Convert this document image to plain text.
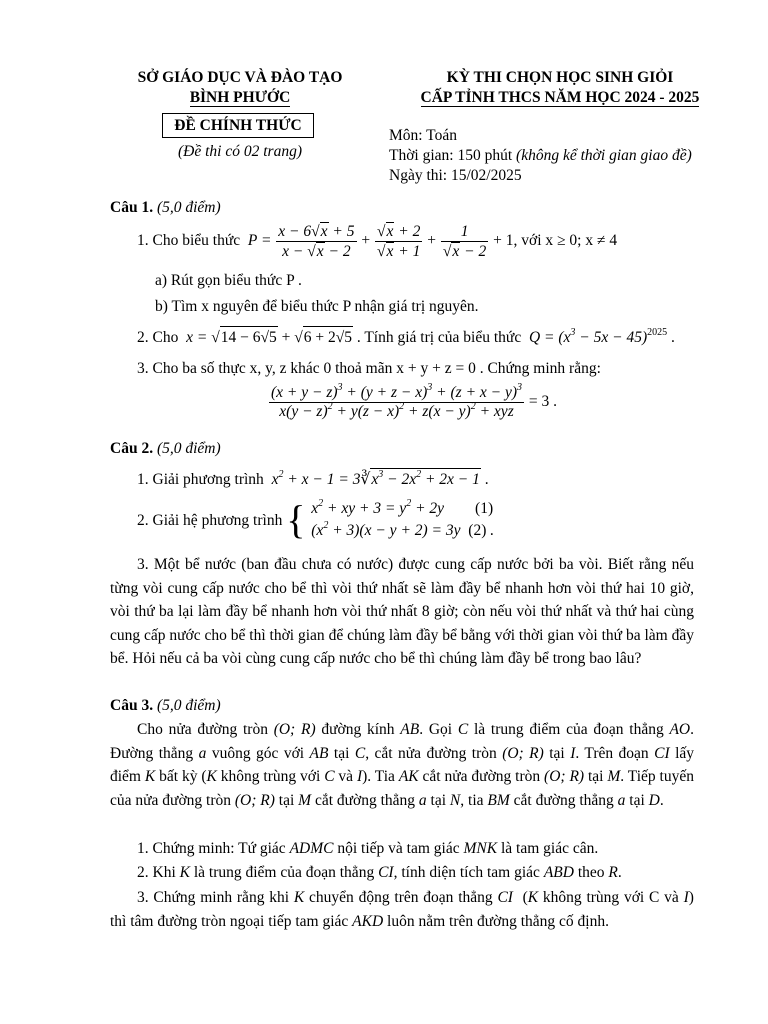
SỞ GIÁO DỤC VÀ ĐÀO TẠO
BÌNH PHƯỚC
ĐỀ CHÍNH THỨC
(Đề thi có 02 trang)
KỲ THI CHỌN HỌC SINH GIỎI
CẤP TỈNH THCS NĂM HỌC 2024 - 2025
Môn: Toán
Thời gian: 150 phút (không kể thời gian giao đề)
Ngày thi: 15/02/2025
Câu 1. (5,0 điểm)
1. Cho biểu thức  $P = \frac{x - 6√x + 5}{x - √x - 2} + \frac{√x + 2}{√x + 1} + \frac{1}{√x - 2} + 1$, với x ≥ 0; x ≠ 4
a) Rút gọn biểu thức P .
b) Tìm x nguyên để biểu thức P nhận giá trị nguyên.
2. Cho  x = √14 − 6√5 + √6 + 2√5 . Tính giá trị của biểu thức  $Q = (x^3 - 5x - 45)^{2025}$ .
3. Cho ba số thực x, y, z khác 0 thoả mãn x + y + z = 0 . Chứng minh rằng:
$\frac{(x + y - z)^3 + (y + z - x)^3 + (z + x - y)^3}{x(y - z)^2 + y(z - x)^2 + z(x - y)^2 + xyz} = 3$ .
Câu 2. (5,0 điểm)
1. Giải phương trình  $x^2 + x - 1$ = $3∛x^3 - 2x^2 + 2x - 1$ .
2. Giải hệ phương trình { $x^2$ + xy + $3 = y^2 + 2y$        (1)
$(x^2 + 3)(x - y + 2) = 3y$  (2) .
3. Một bể nước (ban đầu chưa có nước) được cung cấp nước bởi ba vòi. Biết rằng nếu từng vòi cung cấp nước cho bể thì vòi thứ nhất sẽ làm đầy bể nhanh hơn vòi thứ hai 10 giờ, vòi thứ ba lại làm đầy bể nhanh hơn vòi thứ nhất 8 giờ; còn nếu vòi thứ nhất và thứ hai cùng cung cấp nước cho bể thì thời gian để chúng làm đầy bể bằng với thời gian vòi thứ ba làm đầy bể. Hỏi nếu cả ba vòi cùng cung cấp nước cho bể thì chúng làm đầy bể trong bao lâu?
Câu 3. (5,0 điểm)
Cho nửa đường tròn (O; R) đường kính AB. Gọi C là trung điểm của đoạn thẳng AO. Đường thẳng a vuông góc với AB tại C, cắt nửa đường tròn (O; R) tại I. Trên đoạn CI lấy điểm K bất kỳ (K không trùng với C và I). Tia AK cắt nửa đường tròn (O; R) tại M. Tiếp tuyến của nửa đường tròn (O; R) tại M cắt đường thẳng a tại N, tia BM cắt đường thẳng a tại D.
1. Chứng minh: Tứ giác ADMC nội tiếp và tam giác MNK là tam giác cân.
2. Khi K là trung điểm của đoạn thẳng CI, tính diện tích tam giác ABD theo R.
3. Chứng minh rằng khi K chuyển động trên đoạn thẳng CI  (K không trùng với C và I) thì tâm đường tròn ngoại tiếp tam giác AKD luôn nằm trên đường thẳng cố định.
